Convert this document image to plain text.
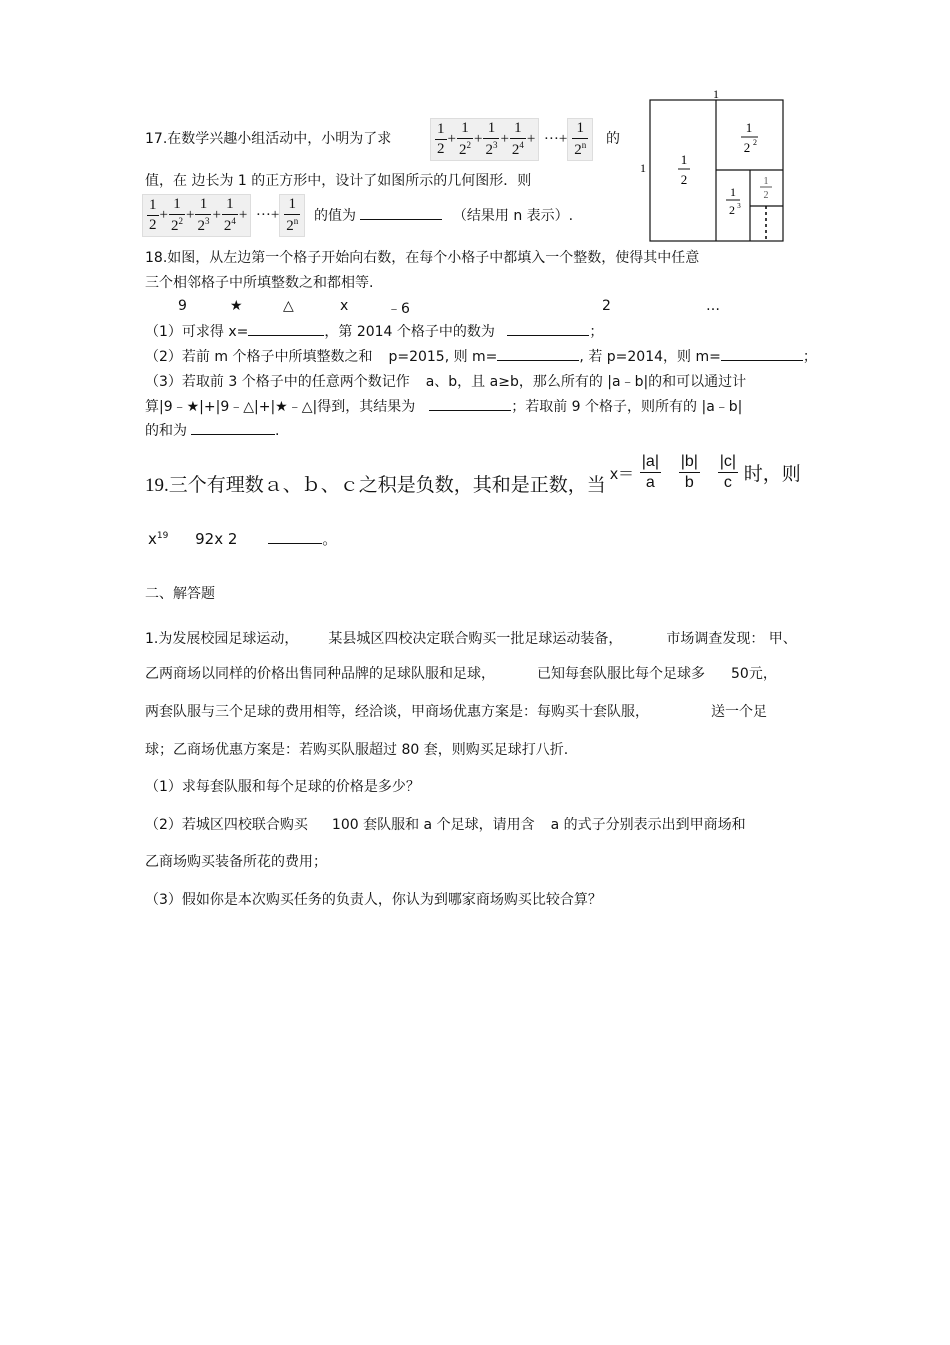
17.在数学兴趣小组活动中，小明为了求	$\frac{1}{2} + \frac{1}{2^2} + \frac{1}{2^3} + \frac{1}{2^4}$ + ···+ $\frac{1}{2^n}$ 的
值，在 边长为 1 的正方形中，设计了如图所示的几何图形．则
$\frac{1}{2} + \frac{1}{2^2} + \frac{1}{2^3} + \frac{1}{2^4}$ + ···+ $\frac{1}{2^n}$ 的值为	（结果用 n 表示）.
1
1
1
2
1
2 2
1
2 3
1
2
18.如图，从左边第一个格子开始向右数，在每个小格子中都填入一个整数，使得其中任意
三个相邻格子中所填整数之和都相等.
9	★	△	x	﹣6	2	…
（1）可求得 x=	，第 2014 个格子中的数为	；
（2）若前 m 个格子中所填整数之和 p=2015, 则 m=	, 若 p=2014，则 m=	；
（3）若取前 3 个格子中的任意两个数记作 a、b，且 a≥b，那么所有的 |a﹣b|的和可以通过计
算|9﹣★|+|9﹣△|+|★﹣△|得到，其结果为	；若取前 9 个格子，则所有的 |a﹣b|
的和为	.
19.三个有理数ａ、ｂ、ｃ之积是负数，其和是正数，当
$x= \frac{|a|}{a}$
$\frac{|b|}{b}$
$\frac{|c|}{c}$ 时，则
$x^{19}$ 92x 2	。
二、解答题
1.为发展校园足球运动， 某县城区四校决定联合购买一批足球运动装备，	市场调查发现： 甲、
乙两商场以同样的价格出售同种品牌的足球队服和足球，	已知每套队服比每个足球多 50元，
两套队服与三个足球的费用相等，经洽谈，甲商场优惠方案是：每购买十套队服，	送一个足
球；乙商场优惠方案是：若购买队服超过 80 套，则购买足球打八折.
（1）求每套队服和每个足球的价格是多少？
（2）若城区四校联合购买 100 套队服和 a 个足球，请用含 a 的式子分别表示出到甲商场和
乙商场购买装备所花的费用；
（3）假如你是本次购买任务的负责人，你认为到哪家商场购买比较合算？
